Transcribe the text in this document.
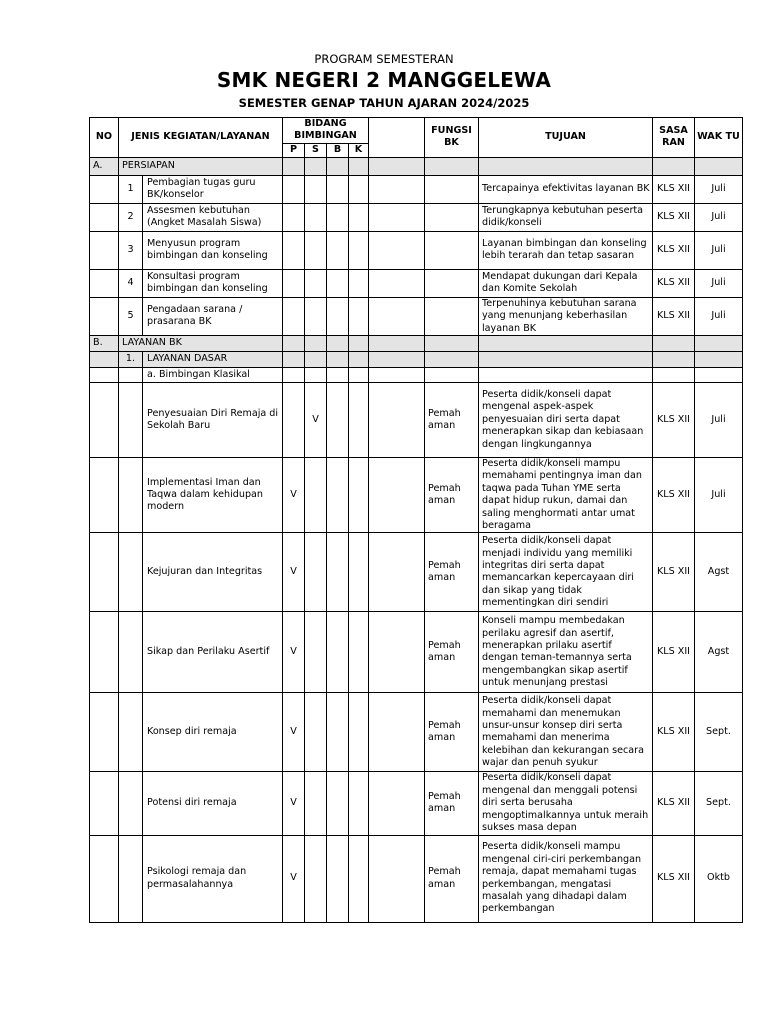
PROGRAM SEMESTERAN
SMK NEGERI 2 MANGGELEWA
SEMESTER GENAP TAHUN AJARAN 2024/2025
NO	JENIS KEGIATAN/LAYANAN		BIDANG BIMBINGAN					FUNGSI BK	TUJUAN	SASA RAN	WAK TU
			P	S	B	K					
A.	PERSIAPAN										
	1	Pembagian tugas guru BK/konselor							Tercapainya efektivitas layanan BK	KLS XII	Juli
	2	Assesmen kebutuhan (Angket Masalah Siswa)							Terungkapnya kebutuhan peserta didik/konseli	KLS XII	Juli
	3	Menyusun program bimbingan dan konseling							Layanan bimbingan dan konseling lebih terarah dan tetap sasaran	KLS XII	Juli
	4	Konsultasi program bimbingan dan konseling							Mendapat dukungan dari Kepala dan Komite Sekolah	KLS XII	Juli
	5	Pengadaan sarana / prasarana BK							Terpenuhinya kebutuhan sarana yang menunjang keberhasilan layanan BK	KLS XII	Juli
B.	LAYANAN BK										
	1.	LAYANAN DASAR									
		a. Bimbingan Klasikal									
		Penyesuaian Diri Remaja di Sekolah Baru		V				Pemah aman	Peserta didik/konseli dapat mengenal aspek-aspek penyesuaian diri serta dapat menerapkan sikap dan kebiasaan dengan lingkungannya	KLS XII	Juli
		Implementasi Iman dan Taqwa dalam kehidupan modern	V					Pemah aman	Peserta didik/konseli mampu memahami pentingnya iman dan taqwa pada Tuhan YME serta dapat hidup rukun, damai dan saling menghormati antar umat beragama	KLS XII	Juli
		Kejujuran dan Integritas	V					Pemah aman	Peserta didik/konseli dapat menjadi individu yang memiliki integritas diri serta dapat memancarkan kepercayaan diri dan sikap yang tidak mementingkan diri sendiri	KLS XII	Agst
		Sikap dan Perilaku Asertif	V					Pemah aman	Konseli mampu membedakan perilaku agresif dan asertif, menerapkan prilaku asertif dengan teman-temannya serta mengembangkan sikap asertif untuk menunjang prestasi	KLS XII	Agst
		Konsep diri remaja	V					Pemah aman	Peserta didik/konseli dapat memahami dan menemukan unsur-unsur konsep diri serta memahami dan menerima kelebihan dan kekurangan secara wajar dan penuh syukur	KLS XII	Sept.
		Potensi diri remaja	V					Pemah aman	Peserta didik/konseli dapat mengenal dan menggali potensi diri serta berusaha mengoptimalkannya untuk meraih sukses masa depan	KLS XII	Sept.
		Psikologi remaja dan permasalahannya	V					Pemah aman	Peserta didik/konseli mampu mengenal ciri-ciri perkembangan remaja, dapat memahami tugas perkembangan, mengatasi masalah yang dihadapi dalam perkembangan	KLS XII	Oktb
